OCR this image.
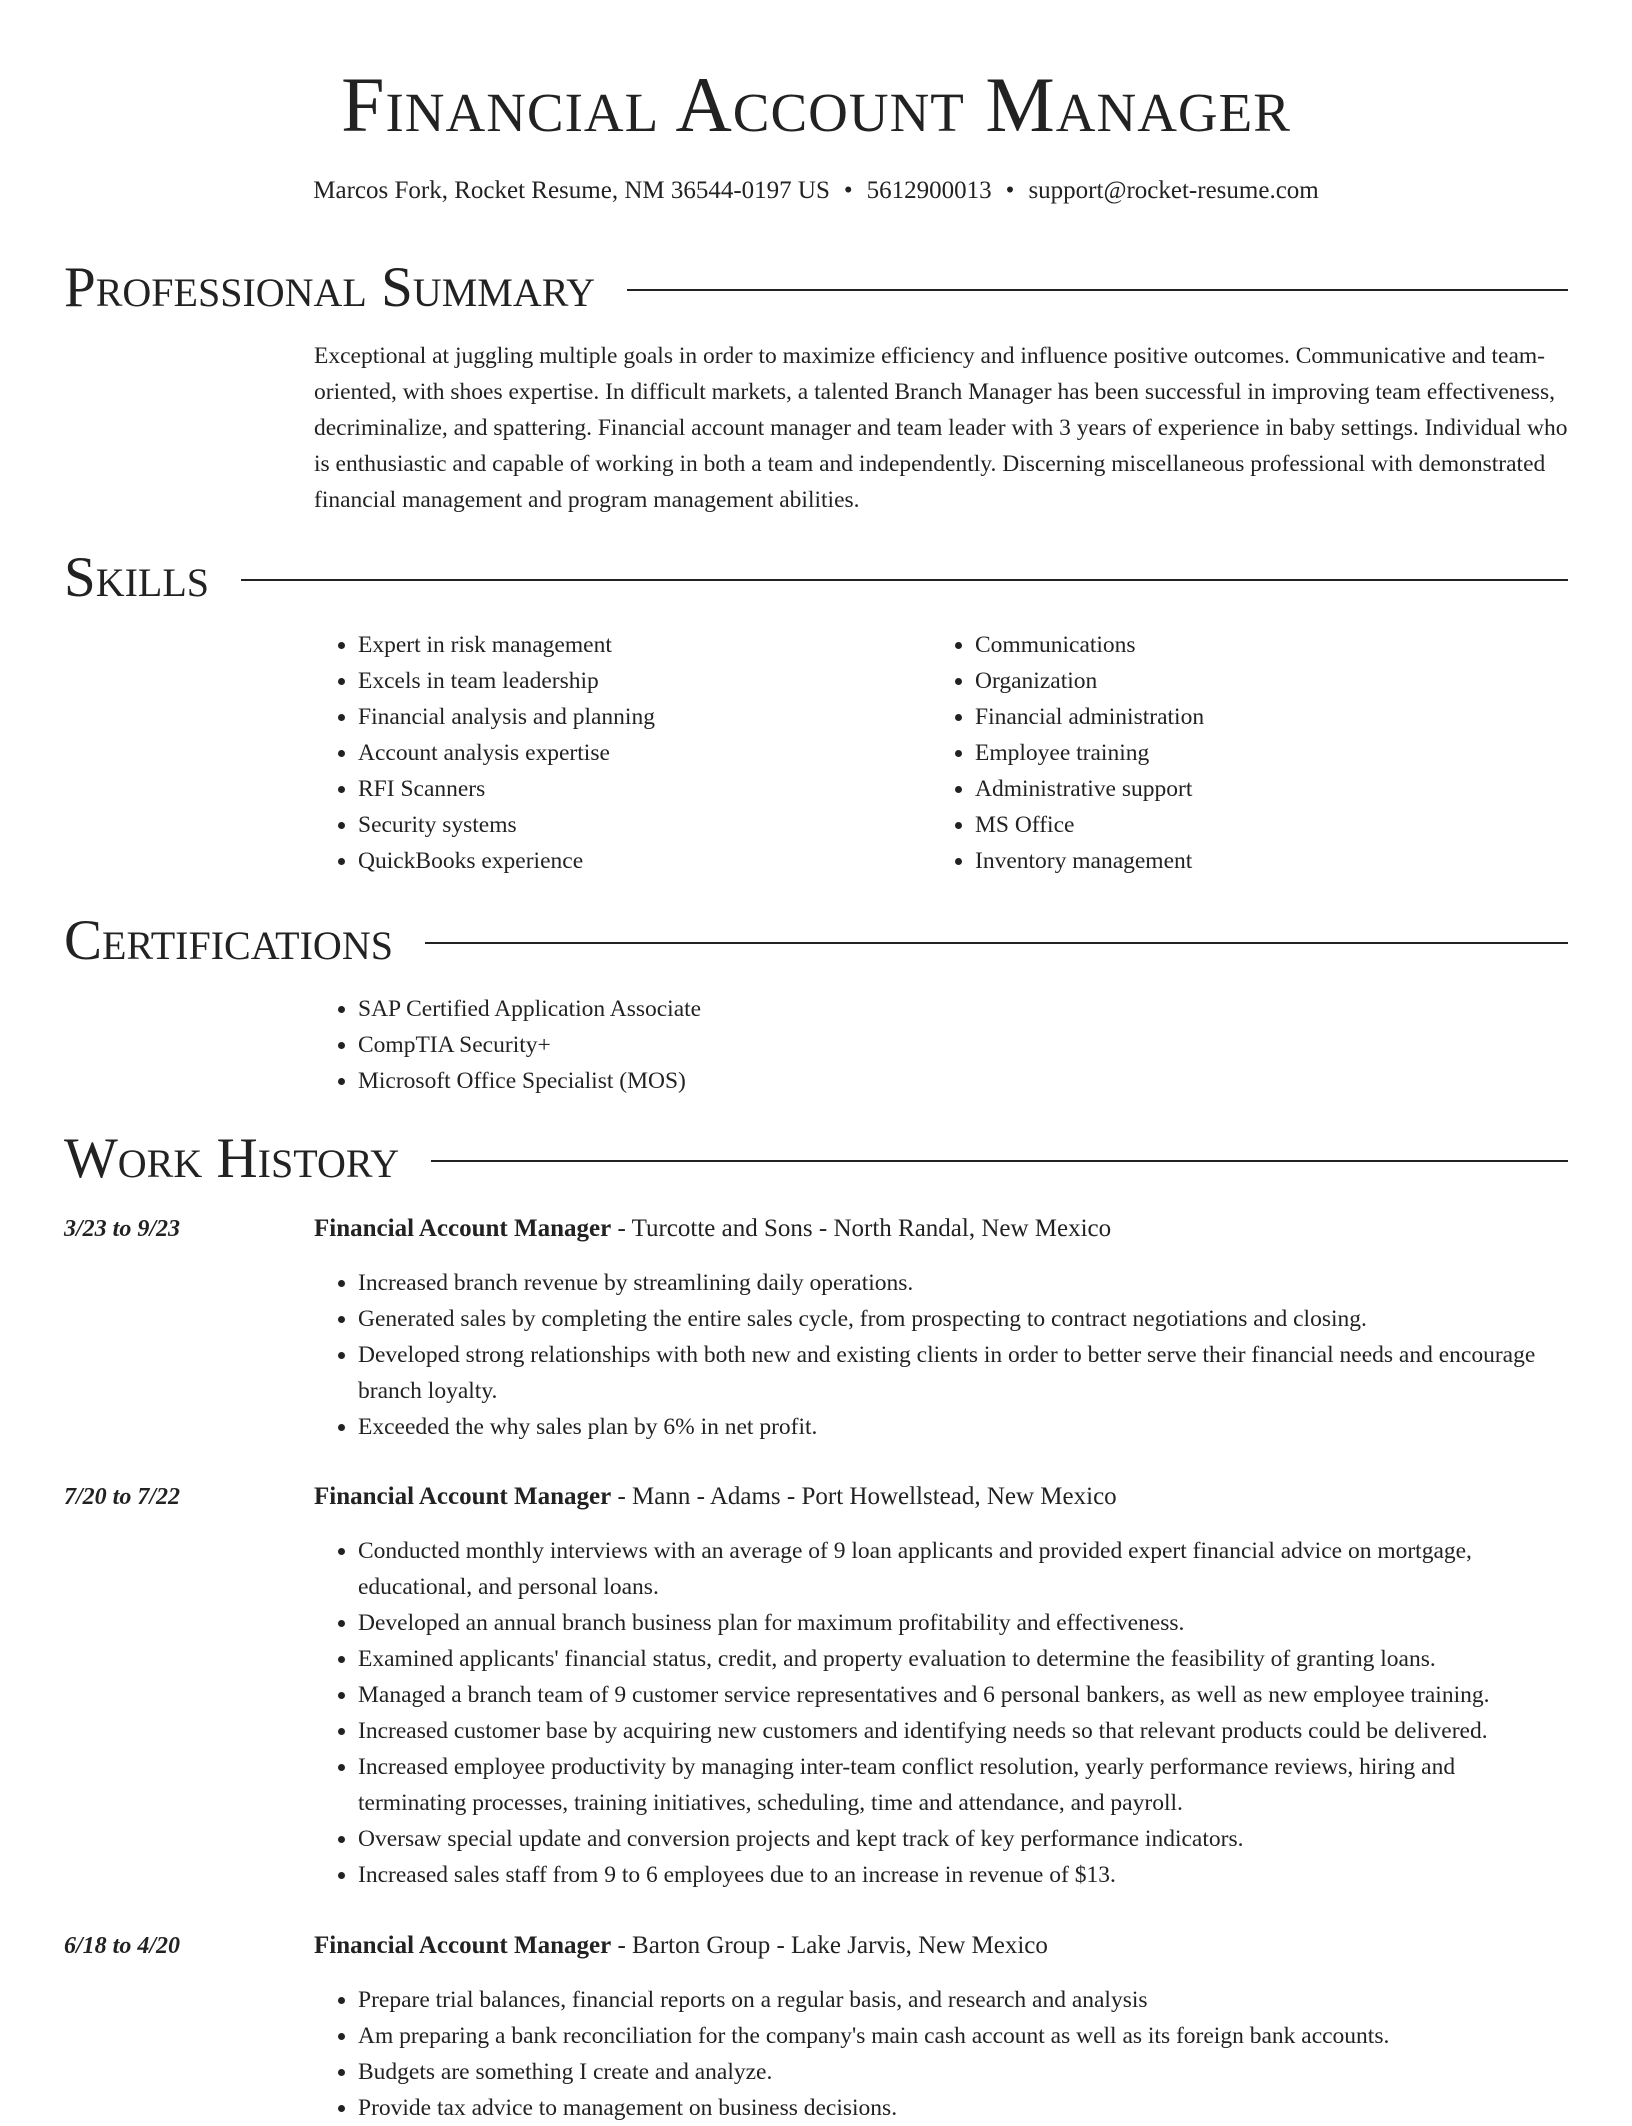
Financial Account Manager
Marcos Fork, Rocket Resume, NM 36544-0197 US • 5612900013 • support@rocket-resume.com
Professional Summary

Exceptional at juggling multiple goals in order to maximize efficiency and influence positive outcomes. Communicative and team-oriented, with shoes expertise. In difficult markets, a talented Branch Manager has been successful in improving team effectiveness, decriminalize, and spattering. Financial account manager and team leader with 3 years of experience in baby settings. Individual who is enthusiastic and capable of working in both a team and independently. Discerning miscellaneous professional with demonstrated financial management and program management abilities.

Skills
• Expert in risk management
• Excels in team leadership
• Financial analysis and planning
• Account analysis expertise
• RFI Scanners
• Security systems
• QuickBooks experience
• Communications
• Organization
• Financial administration
• Employee training
• Administrative support
• MS Office
• Inventory management
Certifications
• SAP Certified Application Associate
• CompTIA Security+
• Microsoft Office Specialist (MOS)
Work History
3/23 to 9/23	Financial Account Manager - Turcotte and Sons - North Randal, New Mexico
• Increased branch revenue by streamlining daily operations.
• Generated sales by completing the entire sales cycle, from prospecting to contract negotiations and closing.
• Developed strong relationships with both new and existing clients in order to better serve their financial needs and encourage branch loyalty.
• Exceeded the why sales plan by 6% in net profit.
7/20 to 7/22	Financial Account Manager - Mann - Adams - Port Howellstead, New Mexico
• Conducted monthly interviews with an average of 9 loan applicants and provided expert financial advice on mortgage, educational, and personal loans.
• Developed an annual branch business plan for maximum profitability and effectiveness.
• Examined applicants' financial status, credit, and property evaluation to determine the feasibility of granting loans.
• Managed a branch team of 9 customer service representatives and 6 personal bankers, as well as new employee training.
• Increased customer base by acquiring new customers and identifying needs so that relevant products could be delivered.
• Increased employee productivity by managing inter-team conflict resolution, yearly performance reviews, hiring and terminating processes, training initiatives, scheduling, time and attendance, and payroll.
• Oversaw special update and conversion projects and kept track of key performance indicators.
• Increased sales staff from 9 to 6 employees due to an increase in revenue of $13.
6/18 to 4/20	Financial Account Manager - Barton Group - Lake Jarvis, New Mexico
• Prepare trial balances, financial reports on a regular basis, and research and analysis
• Am preparing a bank reconciliation for the company's main cash account as well as its foreign bank accounts.
• Budgets are something I create and analyze.
• Provide tax advice to management on business decisions.
